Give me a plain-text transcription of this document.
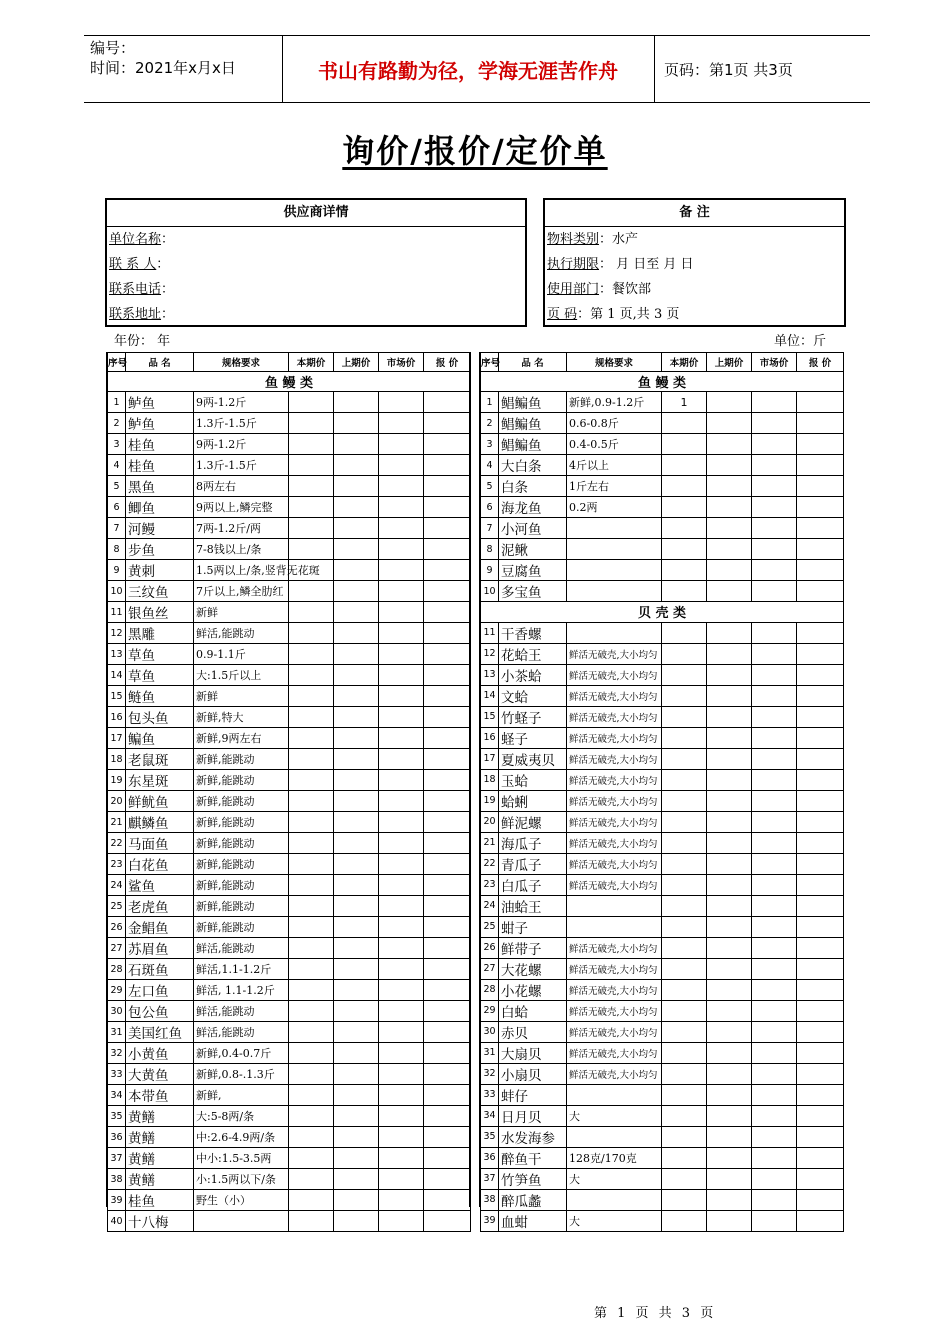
编号：
时间：2021年x月x日	书山有路勤为径，学海无涯苦作舟	页码：第1页 共3页
询价/报价/定价单
供应商详情
单位名称：
联 系 人：
联系电话：
联系地址：
备 注
物料类别：水产
执行期限： 月 日至 月 日
使用部门：餐饮部
页 码：第 1 页,共 3 页
年份： 年	单位：斤
序号	品 名	规格要求	本期价	上期价	市场价	报 价
鱼 鳗 类						
1	鲈鱼	9两-1.2斤				
2	鲈鱼	1.3斤-1.5斤				
3	桂鱼	9两-1.2斤				
4	桂鱼	1.3斤-1.5斤				
5	黑鱼	8两左右				
6	鲫鱼	9两以上,鳞完整				
7	河鳗	7两-1.2斤/两				
8	步鱼	7-8钱以上/条				
9	黄刺	1.5两以上/条,竖背无花斑				
10	三纹鱼	7斤以上,鳞全肋红				
11	银鱼丝	新鲜				
12	黑雕	鲜活,能跳动				
13	草鱼	0.9-1.1斤				
14	草鱼	大:1.5斤以上				
15	鲢鱼	新鲜				
16	包头鱼	新鲜,特大				
17	鳊鱼	新鲜,9两左右				
18	老鼠斑	新鲜,能跳动				
19	东星斑	新鲜,能跳动				
20	鲜鱿鱼	新鲜,能跳动				
21	麒鳞鱼	新鲜,能跳动				
22	马面鱼	新鲜,能跳动				
23	白花鱼	新鲜,能跳动				
24	鲨鱼	新鲜,能跳动				
25	老虎鱼	新鲜,能跳动				
26	金鲳鱼	新鲜,能跳动				
27	苏眉鱼	鲜活,能跳动				
28	石斑鱼	鲜活,1.1-1.2斤				
29	左口鱼	鲜活, 1.1-1.2斤				
30	包公鱼	鲜活,能跳动				
31	美国红鱼	鲜活,能跳动				
32	小黄鱼	新鲜,0.4-0.7斤				
33	大黄鱼	新鲜,0.8-.1.3斤				
34	本带鱼	新鲜,				
35	黄鳝	大:5-8两/条				
36	黄鳝	中:2.6-4.9两/条				
37	黄鳝	中小:1.5-3.5两				
38	黄鳝	小:1.5两以下/条				
39	桂鱼	野生（小）				
40	十八梅					
序号	品 名	规格要求	本期价	上期价	市场价	报 价
鱼 鳗 类						
1	鲳鳊鱼	新鲜,0.9-1.2斤	1			
2	鲳鳊鱼	0.6-0.8斤				
3	鲳鳊鱼	0.4-0.5斤				
4	大白条	4斤以上				
5	白条	1斤左右				
6	海龙鱼	0.2两				
7	小河鱼					
8	泥鳅					
9	豆腐鱼					
10	多宝鱼					
贝 壳 类						
11	干香螺					
12	花蛤王	鲜活无破壳,大小均匀				
13	小茶蛤	鲜活无破壳,大小均匀				
14	文蛤	鲜活无破壳,大小均匀				
15	竹蛏子	鲜活无破壳,大小均匀				
16	蛏子	鲜活无破壳,大小均匀				
17	夏威夷贝	鲜活无破壳,大小均匀				
18	玉蛤	鲜活无破壳,大小均匀				
19	蛤蜊	鲜活无破壳,大小均匀				
20	鲜泥螺	鲜活无破壳,大小均匀				
21	海瓜子	鲜活无破壳,大小均匀				
22	青瓜子	鲜活无破壳,大小均匀				
23	白瓜子	鲜活无破壳,大小均匀				
24	油蛤王					
25	蚶子					
26	鲜带子	鲜活无破壳,大小均匀				
27	大花螺	鲜活无破壳,大小均匀				
28	小花螺	鲜活无破壳,大小均匀				
29	白蛤	鲜活无破壳,大小均匀				
30	赤贝	鲜活无破壳,大小均匀				
31	大扇贝	鲜活无破壳,大小均匀				
32	小扇贝	鲜活无破壳,大小均匀				
33	蚌仔					
34	日月贝	大				
35	水发海参					
36	醉鱼干	128克/170克				
37	竹笋鱼	大				
38	醉瓜蠡					
39	血蚶	大				
第 1 页 共 3 页
